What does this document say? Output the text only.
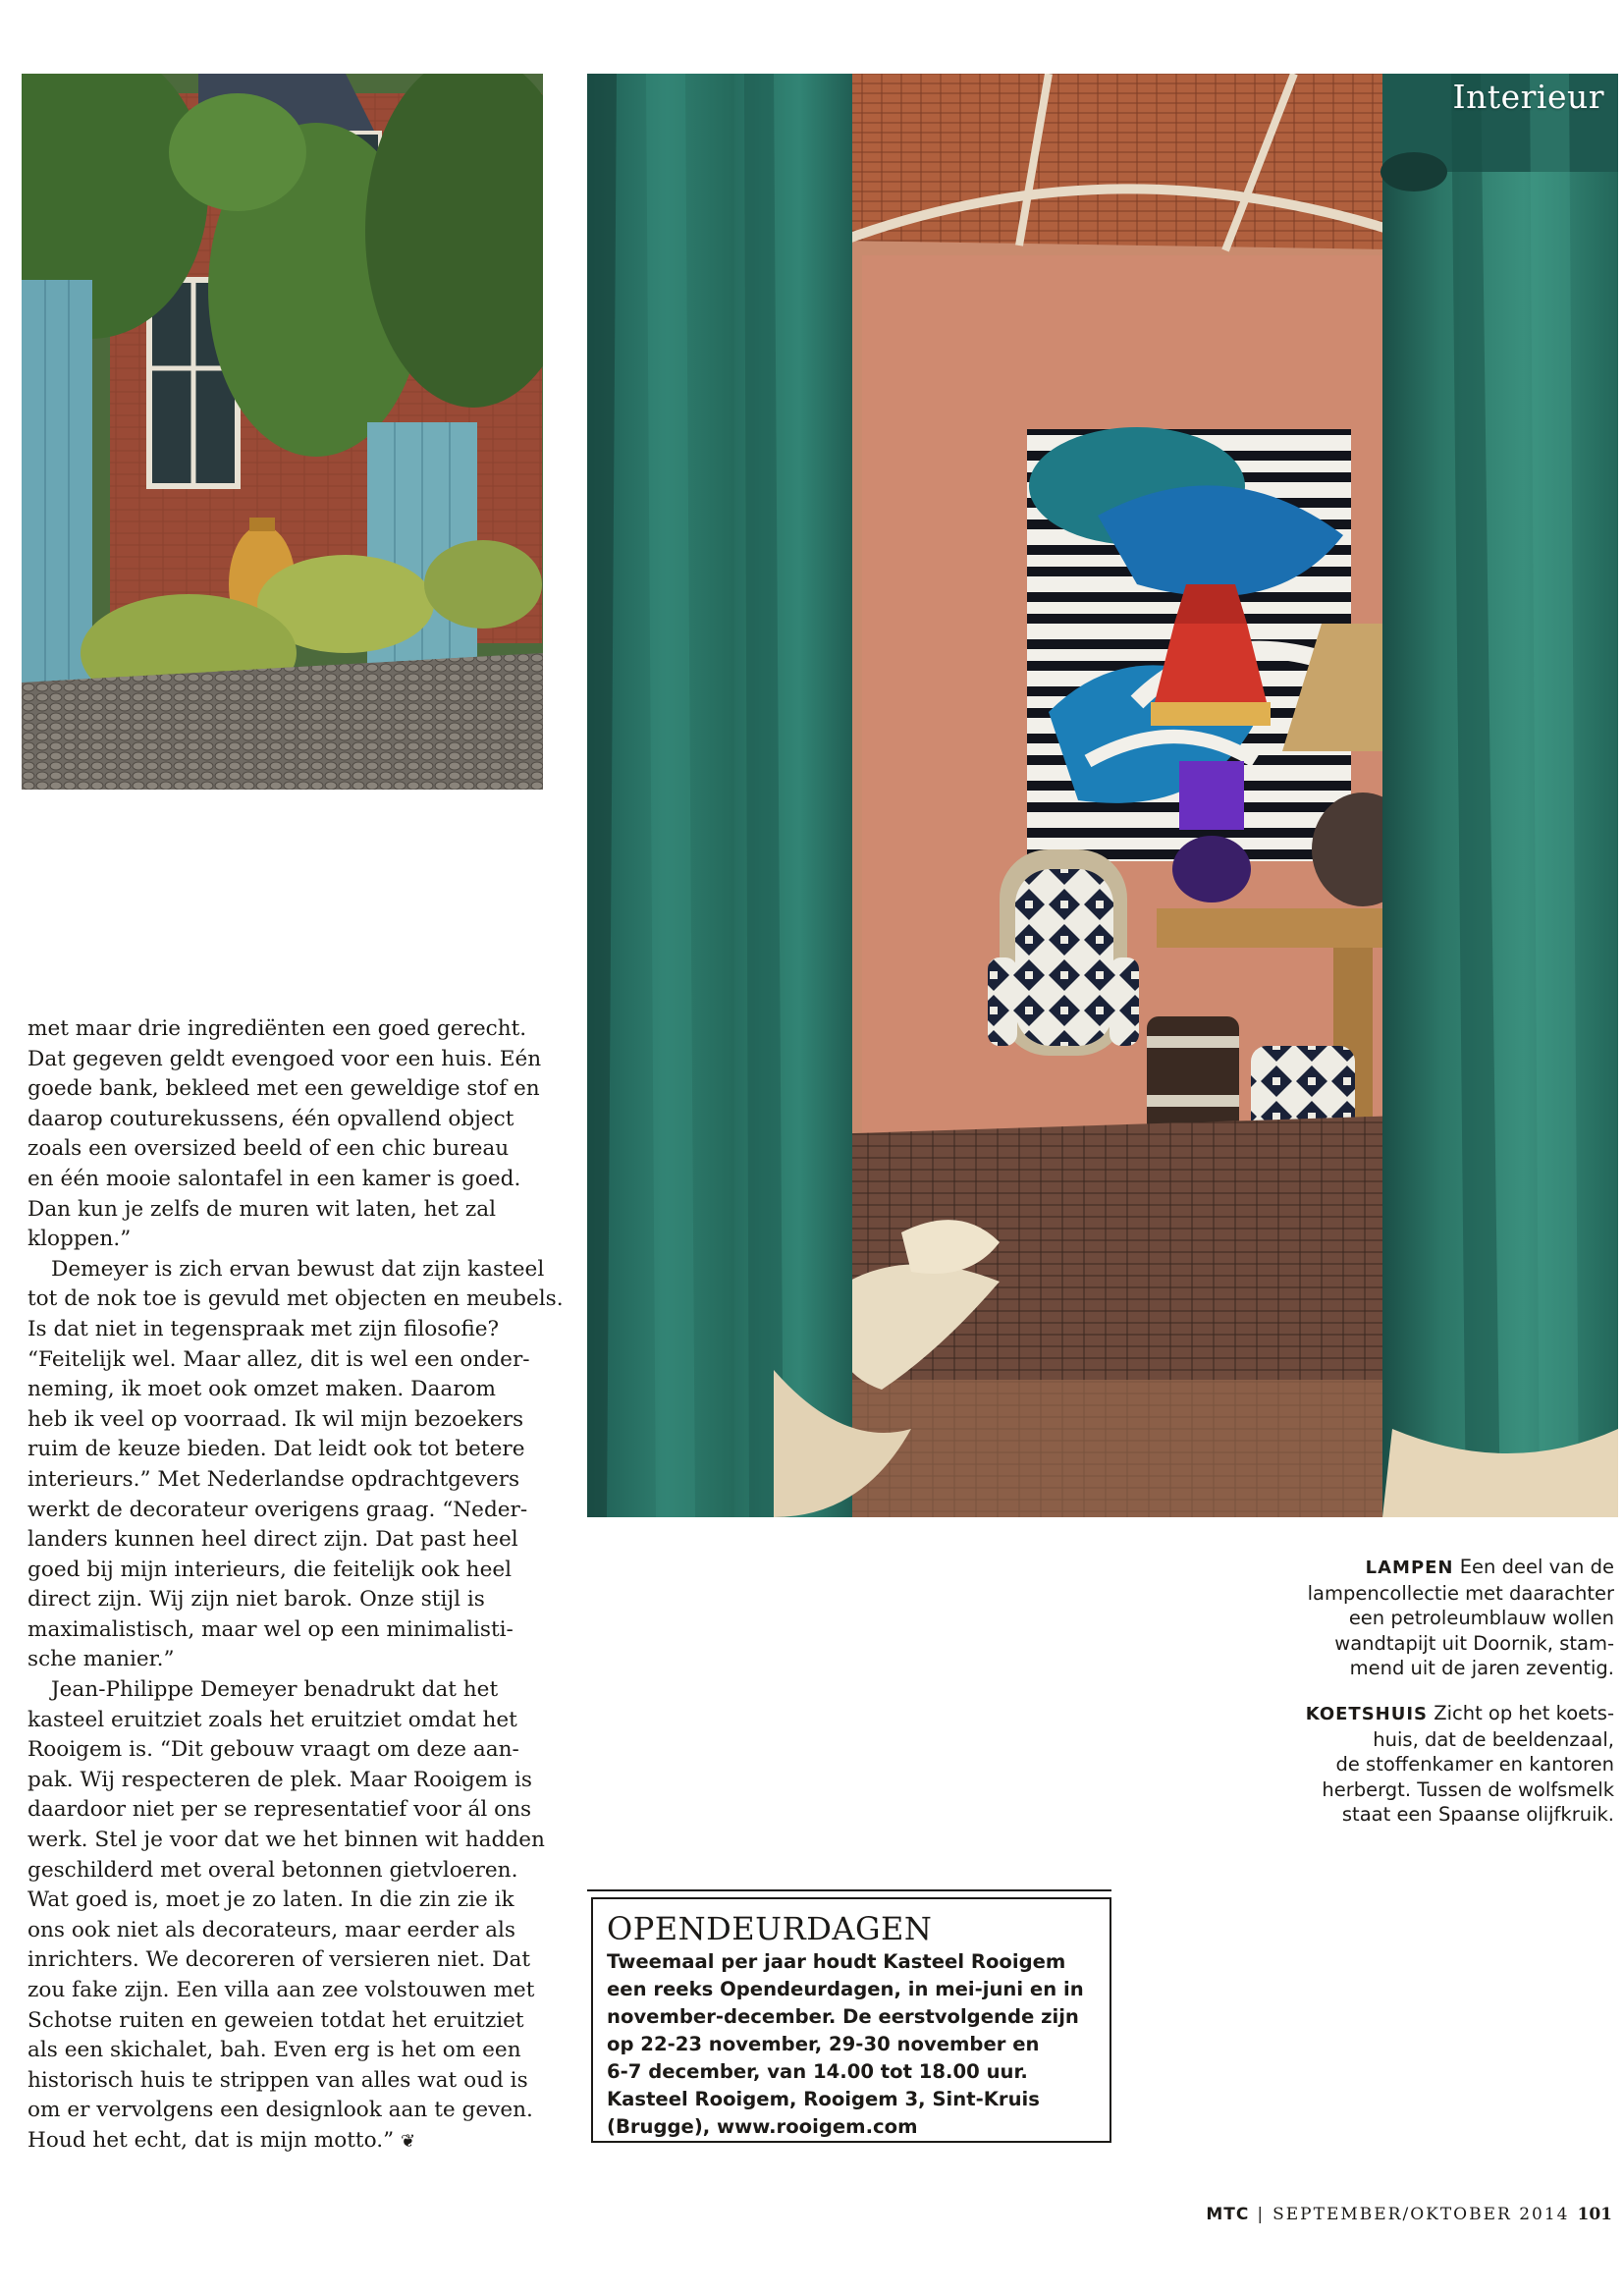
Interieur

met maar drie ingrediënten een goed gerecht.
Dat gegeven geldt evengoed voor een huis. Eén
goede bank, bekleed met een geweldige stof en
daarop couturekussens, één opvallend object
zoals een oversized beeld of een chic bureau
en één mooie salontafel in een kamer is goed.
Dan kun je zelfs de muren wit laten, het zal
kloppen.”

Demeyer is zich ervan bewust dat zijn kasteel
tot de nok toe is gevuld met objecten en meubels.
Is dat niet in tegenspraak met zijn filosofie?
“Feitelijk wel. Maar allez, dit is wel een onder-
neming, ik moet ook omzet maken. Daarom
heb ik veel op voorraad. Ik wil mijn bezoekers
ruim de keuze bieden. Dat leidt ook tot betere
interieurs.” Met Nederlandse opdrachtgevers
werkt de decorateur overigens graag. “Neder-
landers kunnen heel direct zijn. Dat past heel
goed bij mijn interieurs, die feitelijk ook heel
direct zijn. Wij zijn niet barok. Onze stijl is
maximalistisch, maar wel op een minimalisti-
sche manier.”

Jean-Philippe Demeyer benadrukt dat het
kasteel eruitziet zoals het eruitziet omdat het
Rooigem is. “Dit gebouw vraagt om deze aan-
pak. Wij respecteren de plek. Maar Rooigem is
daardoor niet per se representatief voor ál ons
werk. Stel je voor dat we het binnen wit hadden
geschilderd met overal betonnen gietvloeren.
Wat goed is, moet je zo laten. In die zin zie ik
ons ook niet als decorateurs, maar eerder als
inrichters. We decoreren of versieren niet. Dat
zou fake zijn. Een villa aan zee volstouwen met
Schotse ruiten en geweien totdat het eruitziet
als een skichalet, bah. Even erg is het om een
historisch huis te strippen van alles wat oud is
om er vervolgens een designlook aan te geven.
Houd het echt, dat is mijn motto.” ❦

LAMPEN Een deel van de
lampencollectie met daarachter
een petroleumblauw wollen
wandtapijt uit Doornik, stam-
mend uit de jaren zeventig.
KOETSHUIS Zicht op het koets-
huis, dat de beeldenzaal,
de stoffenkamer en kantoren
herbergt. Tussen de wolfsmelk
staat een Spaanse olijfkruik.
OPENDEURDAGEN
Tweemaal per jaar houdt Kasteel Rooigem
een reeks Opendeurdagen, in mei-juni en in
november-december. De eerstvolgende zijn
op 22-23 november, 29-30 november en
6-7 december, van 14.00 tot 18.00 uur.
Kasteel Rooigem, Rooigem 3, Sint-Kruis
(Brugge), www.rooigem.com
MTC | SEPTEMBER/OKTOBER 2014 101
